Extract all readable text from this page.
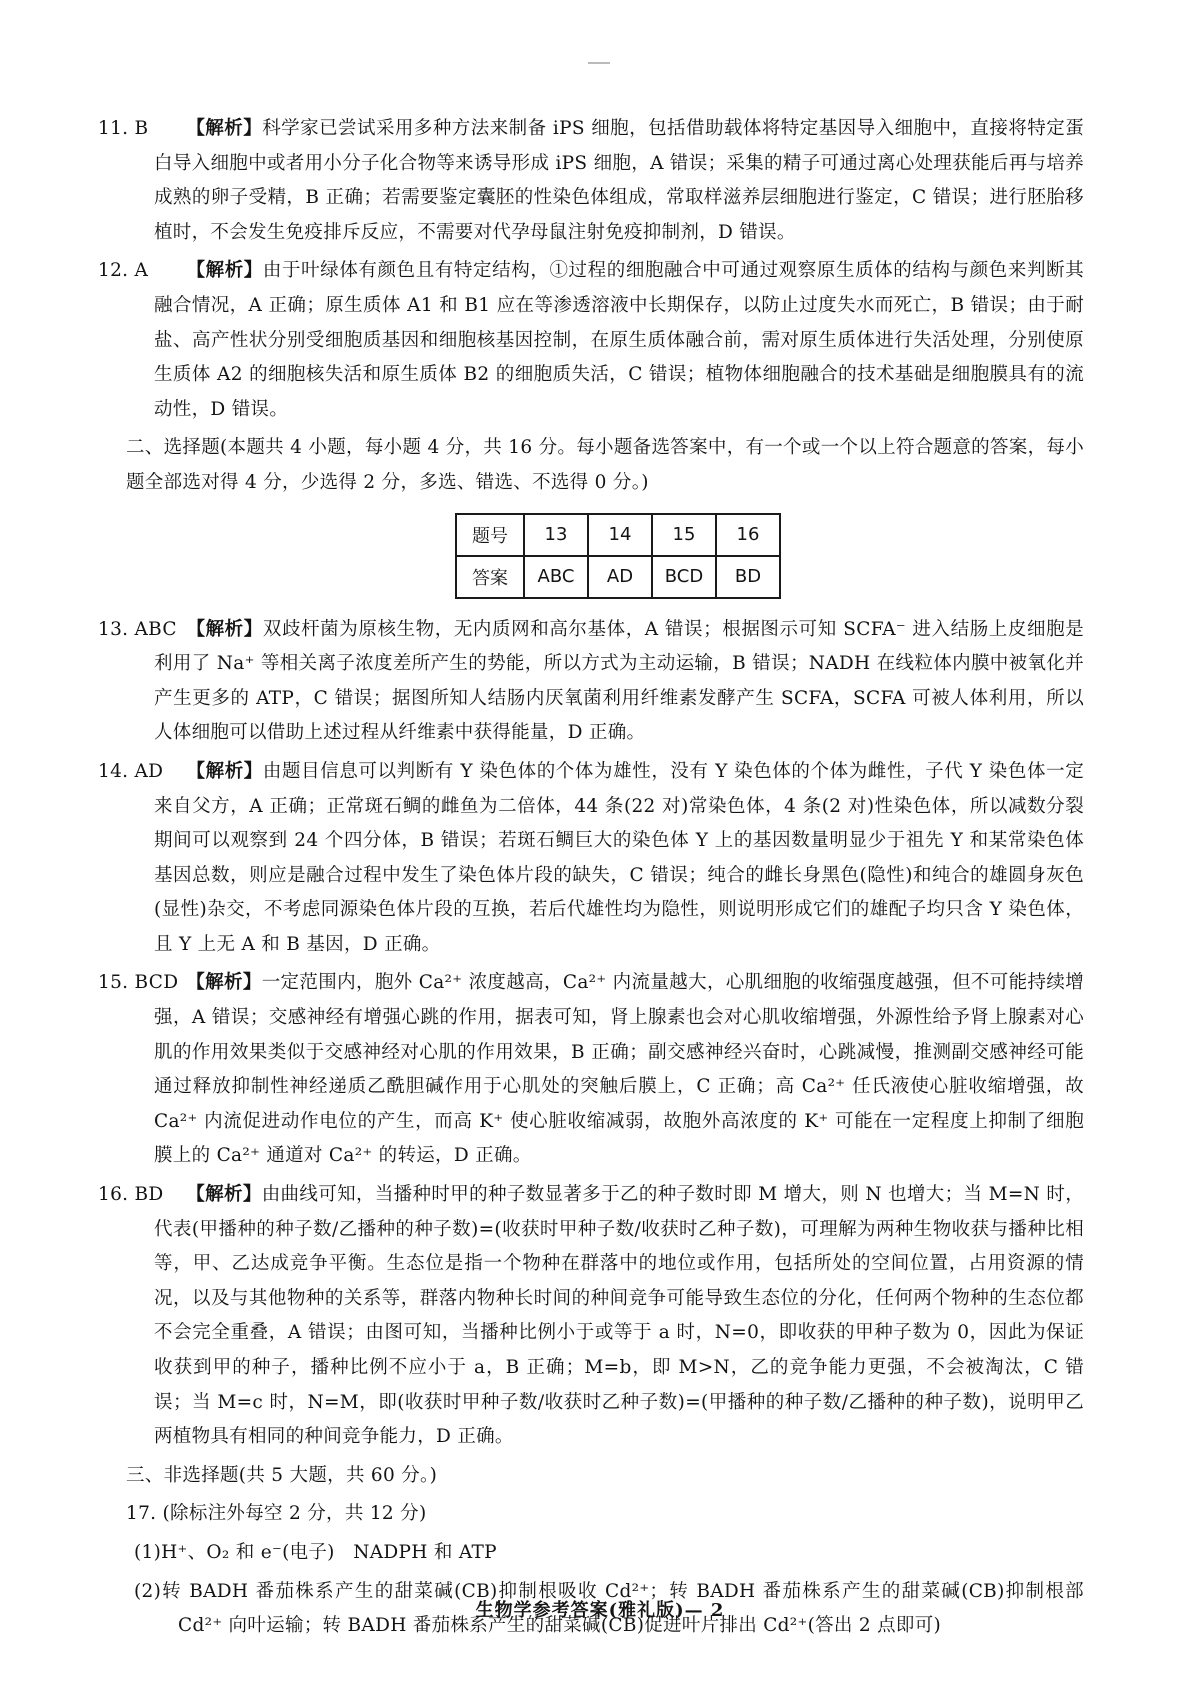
11. B 【解析】科学家已尝试采用多种方法来制备 iPS 细胞，包括借助载体将特定基因导入细胞中，直接将特定蛋白导入细胞中或者用小分子化合物等来诱导形成 iPS 细胞，A 错误；采集的精子可通过离心处理获能后再与培养成熟的卵子受精，B 正确；若需要鉴定囊胚的性染色体组成，常取样滋养层细胞进行鉴定，C 错误；进行胚胎移植时，不会发生免疫排斥反应，不需要对代孕母鼠注射免疫抑制剂，D 错误。

12. A 【解析】由于叶绿体有颜色且有特定结构，①过程的细胞融合中可通过观察原生质体的结构与颜色来判断其融合情况，A 正确；原生质体 A1 和 B1 应在等渗透溶液中长期保存，以防止过度失水而死亡，B 错误；由于耐盐、高产性状分别受细胞质基因和细胞核基因控制，在原生质体融合前，需对原生质体进行失活处理，分别使原生质体 A2 的细胞核失活和原生质体 B2 的细胞质失活，C 错误；植物体细胞融合的技术基础是细胞膜具有的流动性，D 错误。

二、选择题(本题共 4 小题，每小题 4 分，共 16 分。每小题备选答案中，有一个或一个以上符合题意的答案，每小题全部选对得 4 分，少选得 2 分，多选、错选、不选得 0 分。)

题号	13	14	15	16
答案	ABC	AD	BCD	BD

13. ABC 【解析】双歧杆菌为原核生物，无内质网和高尔基体，A 错误；根据图示可知 SCFA⁻ 进入结肠上皮细胞是利用了 Na⁺ 等相关离子浓度差所产生的势能，所以方式为主动运输，B 错误；NADH 在线粒体内膜中被氧化并产生更多的 ATP，C 错误；据图所知人结肠内厌氧菌利用纤维素发酵产生 SCFA，SCFA 可被人体利用，所以人体细胞可以借助上述过程从纤维素中获得能量，D 正确。

14. AD 【解析】由题目信息可以判断有 Y 染色体的个体为雄性，没有 Y 染色体的个体为雌性，子代 Y 染色体一定来自父方，A 正确；正常斑石鲷的雌鱼为二倍体，44 条(22 对)常染色体，4 条(2 对)性染色体，所以减数分裂期间可以观察到 24 个四分体，B 错误；若斑石鲷巨大的染色体 Y 上的基因数量明显少于祖先 Y 和某常染色体基因总数，则应是融合过程中发生了染色体片段的缺失，C 错误；纯合的雌长身黑色(隐性)和纯合的雄圆身灰色(显性)杂交，不考虑同源染色体片段的互换，若后代雄性均为隐性，则说明形成它们的雄配子均只含 Y 染色体，且 Y 上无 A 和 B 基因，D 正确。

15. BCD 【解析】一定范围内，胞外 Ca²⁺ 浓度越高，Ca²⁺ 内流量越大，心肌细胞的收缩强度越强，但不可能持续增强，A 错误；交感神经有增强心跳的作用，据表可知，肾上腺素也会对心肌收缩增强，外源性给予肾上腺素对心肌的作用效果类似于交感神经对心肌的作用效果，B 正确；副交感神经兴奋时，心跳减慢，推测副交感神经可能通过释放抑制性神经递质乙酰胆碱作用于心肌处的突触后膜上，C 正确；高 Ca²⁺ 任氏液使心脏收缩增强，故 Ca²⁺ 内流促进动作电位的产生，而高 K⁺ 使心脏收缩减弱，故胞外高浓度的 K⁺ 可能在一定程度上抑制了细胞膜上的 Ca²⁺ 通道对 Ca²⁺ 的转运，D 正确。

16. BD 【解析】由曲线可知，当播种时甲的种子数显著多于乙的种子数时即 M 增大，则 N 也增大；当 M=N 时，代表(甲播种的种子数/乙播种的种子数)=(收获时甲种子数/收获时乙种子数)，可理解为两种生物收获与播种比相等，甲、乙达成竞争平衡。生态位是指一个物种在群落中的地位或作用，包括所处的空间位置，占用资源的情况，以及与其他物种的关系等，群落内物种长时间的种间竞争可能导致生态位的分化，任何两个物种的生态位都不会完全重叠，A 错误；由图可知，当播种比例小于或等于 a 时，N=0，即收获的甲种子数为 0，因此为保证收获到甲的种子，播种比例不应小于 a，B 正确；M=b，即 M>N，乙的竞争能力更强，不会被淘汰，C 错误；当 M=c 时，N=M，即(收获时甲种子数/收获时乙种子数)=(甲播种的种子数/乙播种的种子数)，说明甲乙两植物具有相同的种间竞争能力，D 正确。

三、非选择题(共 5 大题，共 60 分。)

17. (除标注外每空 2 分，共 12 分)

(1)H⁺、O₂ 和 e⁻(电子) NADPH 和 ATP

(2)转 BADH 番茄株系产生的甜菜碱(CB)抑制根吸收 Cd²⁺；转 BADH 番茄株系产生的甜菜碱(CB)抑制根部 Cd²⁺ 向叶运输；转 BADH 番茄株系产生的甜菜碱(CB)促进叶片排出 Cd²⁺(答出 2 点即可)

生物学参考答案(雅礼版)— 2
